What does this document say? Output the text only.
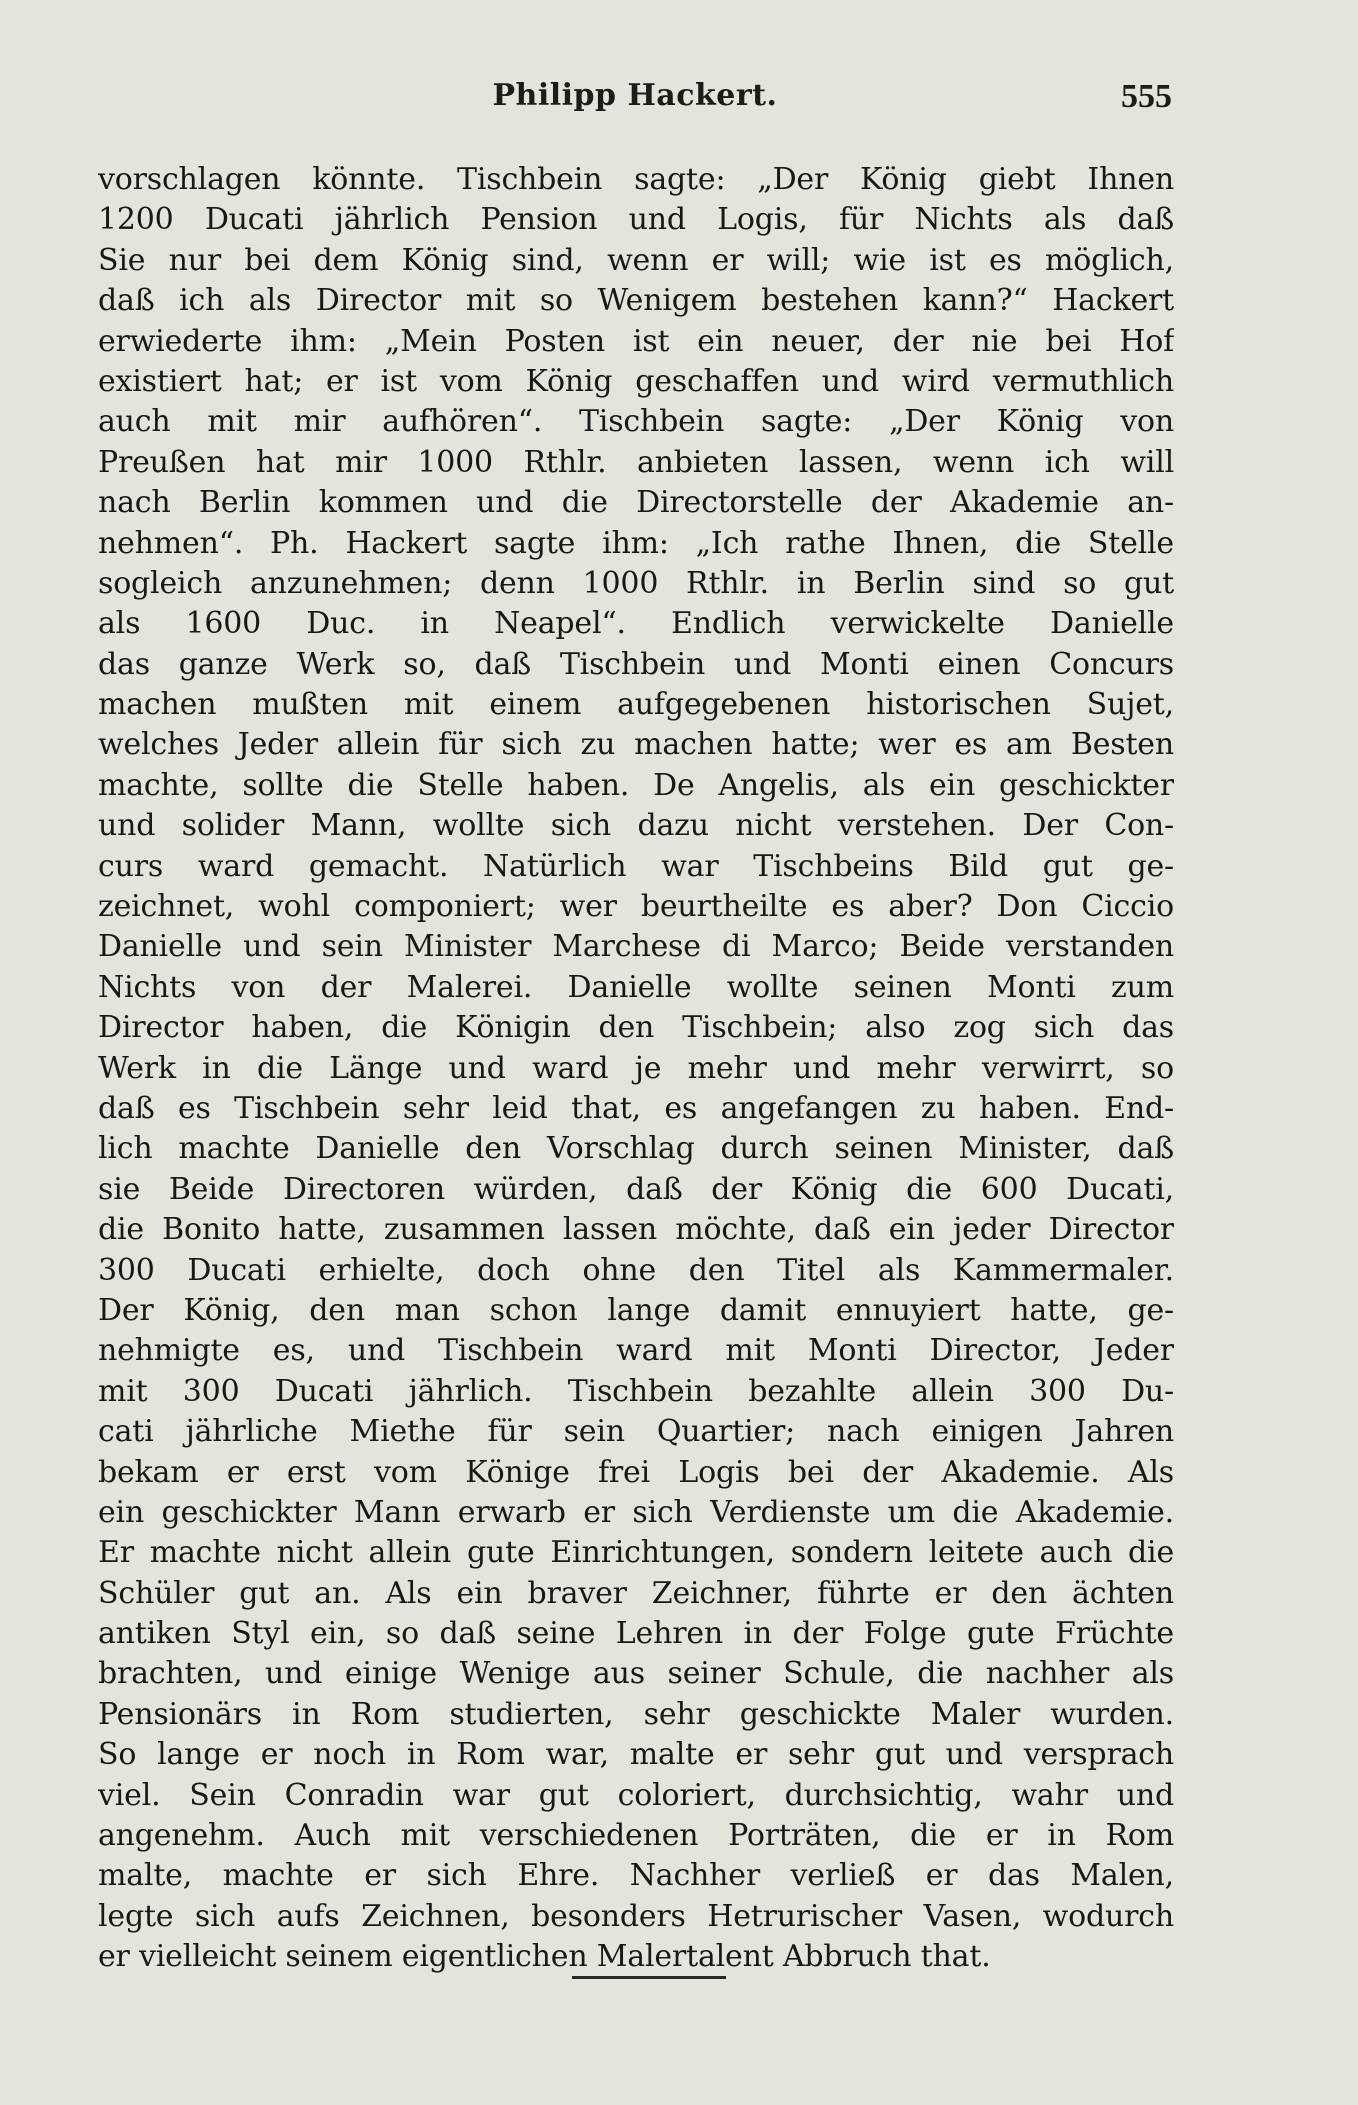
Philipp Hackert.	555
vorschlagen könnte. Tischbein sagte: „Der König giebt Ihnen
1200 Ducati jährlich Pension und Logis, für Nichts als daß
Sie nur bei dem König sind, wenn er will; wie ist es möglich,
daß ich als Director mit so Wenigem bestehen kann?“ Hackert
erwiederte ihm: „Mein Posten ist ein neuer, der nie bei Hof
existiert hat; er ist vom König geschaffen und wird vermuthlich
auch mit mir aufhören“. Tischbein sagte: „Der König von
Preußen hat mir 1000 Rthlr. anbieten lassen, wenn ich will
nach Berlin kommen und die Directorstelle der Akademie an-
nehmen“. Ph. Hackert sagte ihm: „Ich rathe Ihnen, die Stelle
sogleich anzunehmen; denn 1000 Rthlr. in Berlin sind so gut
als 1600 Duc. in Neapel“. Endlich verwickelte Danielle
das ganze Werk so, daß Tischbein und Monti einen Concurs
machen mußten mit einem aufgegebenen historischen Sujet,
welches Jeder allein für sich zu machen hatte; wer es am Besten
machte, sollte die Stelle haben. De Angelis, als ein geschickter
und solider Mann, wollte sich dazu nicht verstehen. Der Con-
curs ward gemacht. Natürlich war Tischbeins Bild gut ge-
zeichnet, wohl componiert; wer beurtheilte es aber? Don Ciccio
Danielle und sein Minister Marchese di Marco; Beide verstanden
Nichts von der Malerei. Danielle wollte seinen Monti zum
Director haben, die Königin den Tischbein; also zog sich das
Werk in die Länge und ward je mehr und mehr verwirrt, so
daß es Tischbein sehr leid that, es angefangen zu haben. End-
lich machte Danielle den Vorschlag durch seinen Minister, daß
sie Beide Directoren würden, daß der König die 600 Ducati,
die Bonito hatte, zusammen lassen möchte, daß ein jeder Director
300 Ducati erhielte, doch ohne den Titel als Kammermaler.
Der König, den man schon lange damit ennuyiert hatte, ge-
nehmigte es, und Tischbein ward mit Monti Director, Jeder
mit 300 Ducati jährlich. Tischbein bezahlte allein 300 Du-
cati jährliche Miethe für sein Quartier; nach einigen Jahren
bekam er erst vom Könige frei Logis bei der Akademie. Als
ein geschickter Mann erwarb er sich Verdienste um die Akademie.
Er machte nicht allein gute Einrichtungen, sondern leitete auch die
Schüler gut an. Als ein braver Zeichner, führte er den ächten
antiken Styl ein, so daß seine Lehren in der Folge gute Früchte
brachten, und einige Wenige aus seiner Schule, die nachher als
Pensionärs in Rom studierten, sehr geschickte Maler wurden.
So lange er noch in Rom war, malte er sehr gut und versprach
viel. Sein Conradin war gut coloriert, durchsichtig, wahr und
angenehm. Auch mit verschiedenen Porträten, die er in Rom
malte, machte er sich Ehre. Nachher verließ er das Malen,
legte sich aufs Zeichnen, besonders Hetrurischer Vasen, wodurch
er vielleicht seinem eigentlichen Malertalent Abbruch that.
